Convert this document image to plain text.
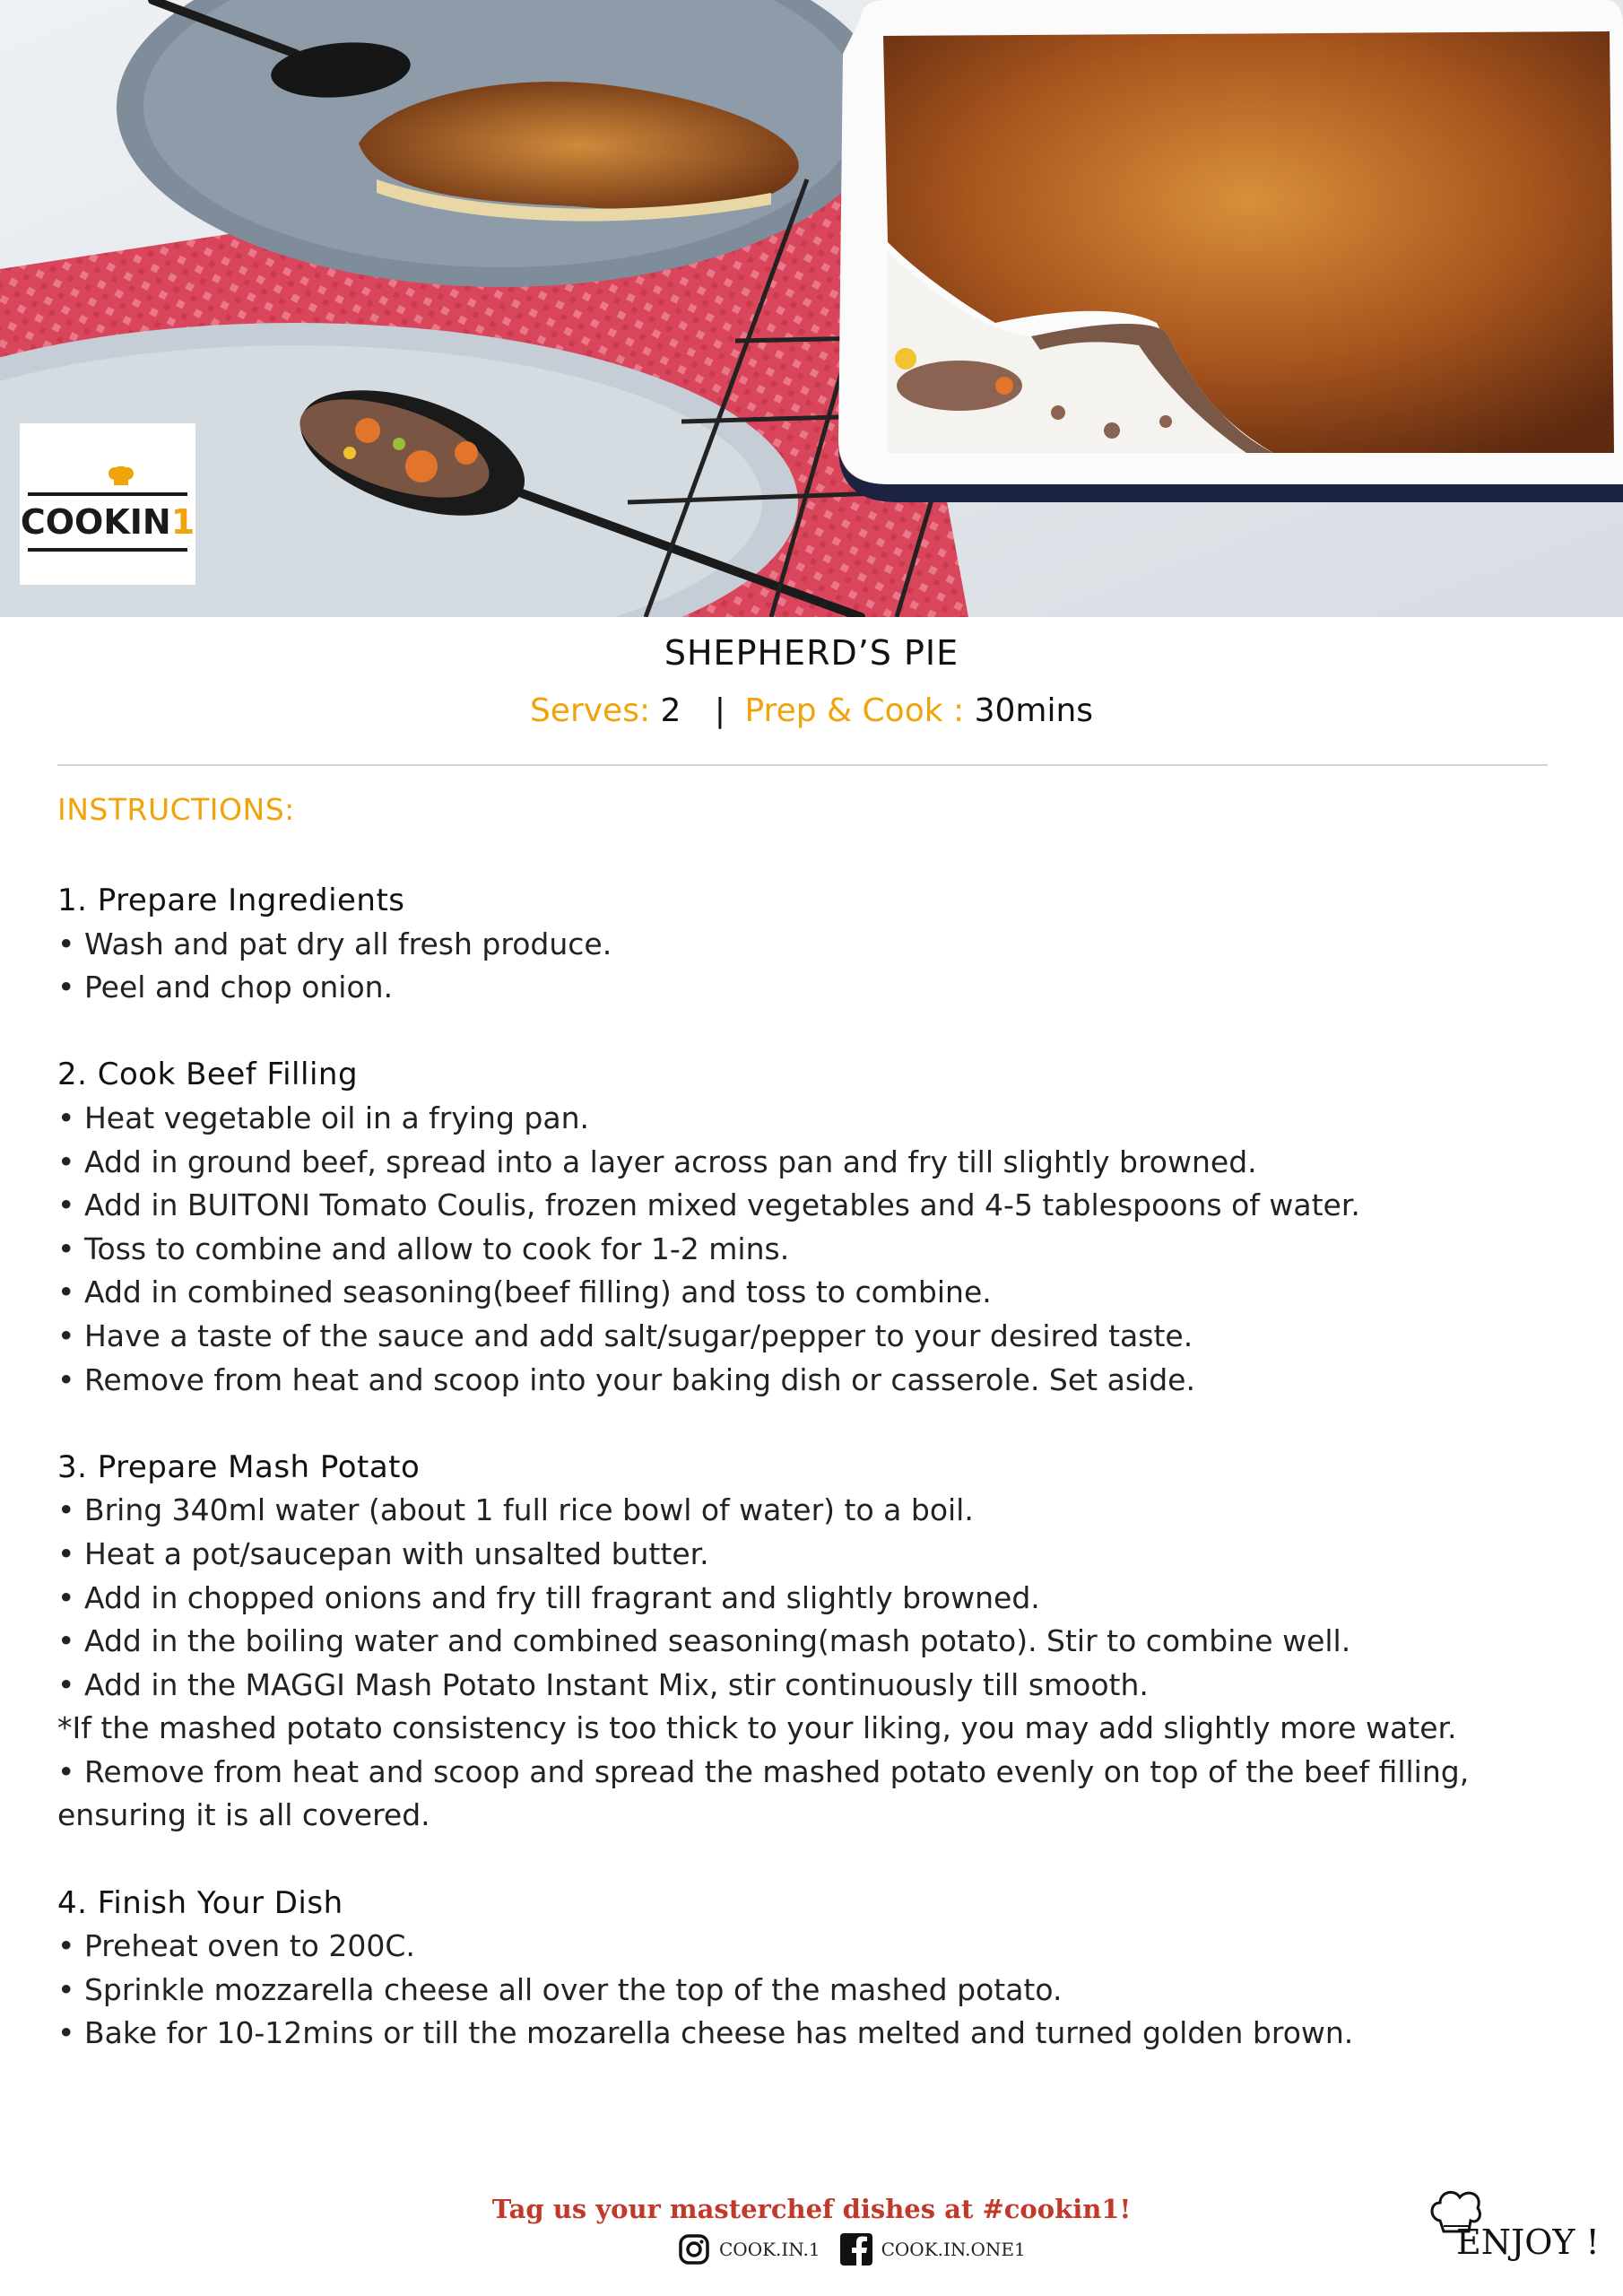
COOKIN1
SHEPHERD’S PIE
Serves: 2 | Prep & Cook : 30mins
INSTRUCTIONS:
1. Prepare Ingredients
• Wash and pat dry all fresh produce.
• Peel and chop onion.
2. Cook Beef Filling
• Heat vegetable oil in a frying pan.
• Add in ground beef, spread into a layer across pan and fry till slightly browned.
• Add in BUITONI Tomato Coulis, frozen mixed vegetables and 4-5 tablespoons of water.
• Toss to combine and allow to cook for 1-2 mins.
• Add in combined seasoning(beef filling) and toss to combine.
• Have a taste of the sauce and add salt/sugar/pepper to your desired taste.
• Remove from heat and scoop into your baking dish or casserole. Set aside.
3. Prepare Mash Potato
• Bring 340ml water (about 1 full rice bowl of water) to a boil.
• Heat a pot/saucepan with unsalted butter.
• Add in chopped onions and fry till fragrant and slightly browned.
• Add in the boiling water and combined seasoning(mash potato). Stir to combine well.
• Add in the MAGGI Mash Potato Instant Mix, stir continuously till smooth.
*If the mashed potato consistency is too thick to your liking, you may add slightly more water.
• Remove from heat and scoop and spread the mashed potato evenly on top of the beef filling, ensuring it is all covered.
4. Finish Your Dish
• Preheat oven to 200C.
• Sprinkle mozzarella cheese all over the top of the mashed potato.
• Bake for 10-12mins or till the mozarella cheese has melted and turned golden brown.
Tag us your masterchef dishes at #cookin1!
COOK.IN.1	COOK.IN.ONE1	ENJOY !
